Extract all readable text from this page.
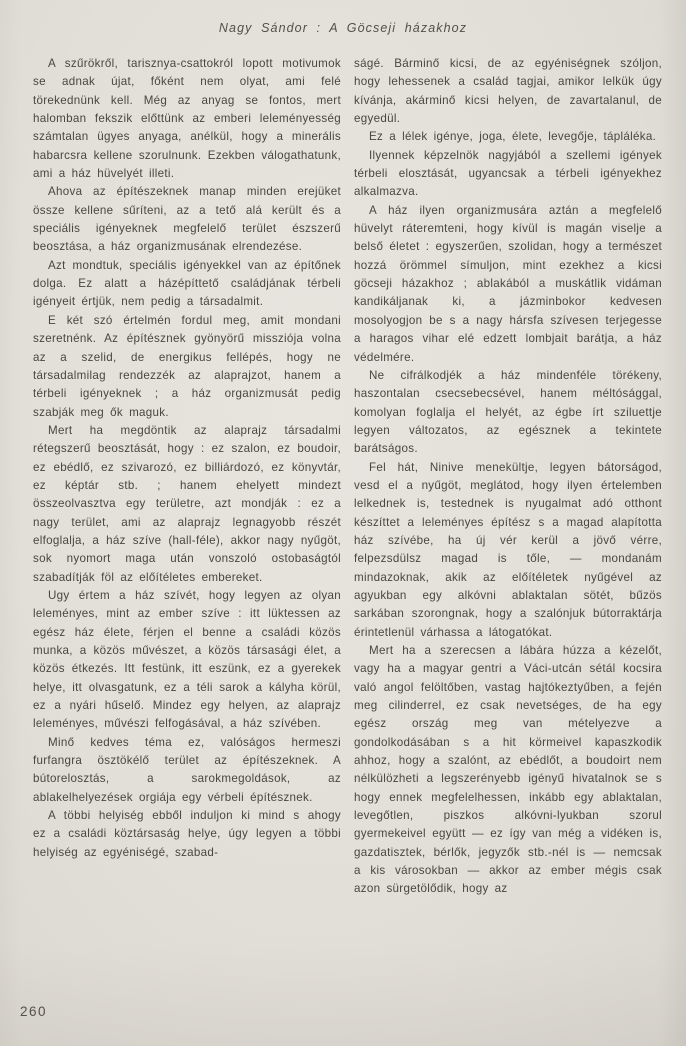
Nagy Sándor : A Göcseji házakhoz

A szűrökről, tarisznya-csattokról lopott motivumok se adnak újat, főként nem olyat, ami felé törekednünk kell. Még az anyag se fontos, mert halomban fekszik előttünk az emberi leleményesség számtalan ügyes anyaga, anélkül, hogy a minerális habarcsra kellene szorulnunk. Ezekben válogathatunk, ami a ház hüvelyét illeti.

Ahova az építészeknek manap minden erejüket össze kellene sűríteni, az a tető alá került és a speciális igényeknek megfelelő terület észszerű beosztása, a ház organizmusának elrendezése.

Azt mondtuk, speciális igényekkel van az építőnek dolga. Ez alatt a házépíttető családjának térbeli igényeit értjük, nem pedig a társadalmit.

E két szó értelmén fordul meg, amit mondani szeretnénk. Az építésznek gyönyörű missziója volna az a szelid, de energikus fellépés, hogy ne társadalmilag rendezzék az alaprajzot, hanem a térbeli igényeknek ; a ház organizmusát pedig szabják meg ők maguk.

Mert ha megdöntik az alaprajz társadalmi rétegszerű beosztását, hogy : ez szalon, ez boudoir, ez ebédlő, ez szivarozó, ez billiárdozó, ez könyvtár, ez képtár stb. ; hanem ehelyett mindezt összeolvasztva egy területre, azt mondják : ez a nagy terület, ami az alaprajz legnagyobb részét elfoglalja, a ház szíve (hall-féle), akkor nagy nyűgöt, sok nyomort maga után vonszoló ostobaságtól szabadítják föl az előítéletes embereket.

Ugy értem a ház szívét, hogy legyen az olyan leleményes, mint az ember szíve : itt lüktessen az egész ház élete, férjen el benne a családi közös munka, a közös művészet, a közös társasági élet, a közös étkezés. Itt festünk, itt eszünk, ez a gyerekek helye, itt olvasgatunk, ez a téli sarok a kályha körül, ez a nyári hűselő. Mindez egy helyen, az alaprajz leleményes, művészi felfogásával, a ház szívében.

Minő kedves téma ez, valóságos hermeszi furfangra ösztökélő terület az építészeknek. A bútorelosztás, a sarokmegoldások, az ablakelhelyezések orgiája egy vérbeli építésznek.

A többi helyiség ebből induljon ki mind s ahogy ez a családi köztársaság helye, úgy legyen a többi helyiség az egyéniségé, szabad-

ságé. Bárminő kicsi, de az egyéniségnek szóljon, hogy lehessenek a család tagjai, amikor lelkük úgy kívánja, akárminő kicsi helyen, de zavartalanul, de egyedül.

Ez a lélek igénye, joga, élete, levegője, tápláléka.

Ilyennek képzelnök nagyjából a szellemi igények térbeli elosztását, ugyancsak a térbeli igényekhez alkalmazva.

A ház ilyen organizmusára aztán a megfelelő hüvelyt ráteremteni, hogy kívül is magán viselje a belső életet : egyszerűen, szolidan, hogy a természet hozzá örömmel símuljon, mint ezekhez a kicsi göcseji házakhoz ; ablakából a muskátlik vidáman kandikáljanak ki, a jázminbokor kedvesen mosolyogjon be s a nagy hársfa szívesen terjegesse a haragos vihar elé edzett lombjait barátja, a ház védelmére.

Ne cifrálkodjék a ház mindenféle törékeny, haszontalan csecsebecsével, hanem méltósággal, komolyan foglalja el helyét, az égbe írt sziluettje legyen változatos, az egésznek a tekintete barátságos.

Fel hát, Ninive menekültje, legyen bátorságod, vesd el a nyűgöt, meglátod, hogy ilyen értelemben lelkednek is, testednek is nyugalmat adó otthont készíttet a leleményes építész s a magad alapította ház szívébe, ha új vér kerül a jövő vérre, felpezsdülsz magad is tőle, — mondanám mindazoknak, akik az előítéletek nyűgével az agyukban egy alkóvni ablaktalan sötét, bűzös sarkában szorongnak, hogy a szalónjuk bútorraktárja érintetlenül várhassa a látogatókat.

Mert ha a szerecsen a lábára húzza a kézelőt, vagy ha a magyar gentri a Váci-utcán sétál kocsira való angol felöltőben, vastag hajtókeztyűben, a fején meg cilinderrel, ez csak nevetséges, de ha egy egész ország meg van mételyezve a gondolkodásában s a hit körmeivel kapaszkodik ahhoz, hogy a szalónt, az ebédlőt, a boudoirt nem nélkülözheti a legszerényebb igényű hivatalnok se s hogy ennek megfelelhessen, inkább egy ablaktalan, levegőtlen, piszkos alkóvni-lyukban szorul gyermekeivel együtt — ez így van még a vidéken is, gazdatisztek, bérlők, jegyzők stb.-nél is — nemcsak a kis városokban — akkor az ember mégis csak azon sürgetölődik, hogy az

260
